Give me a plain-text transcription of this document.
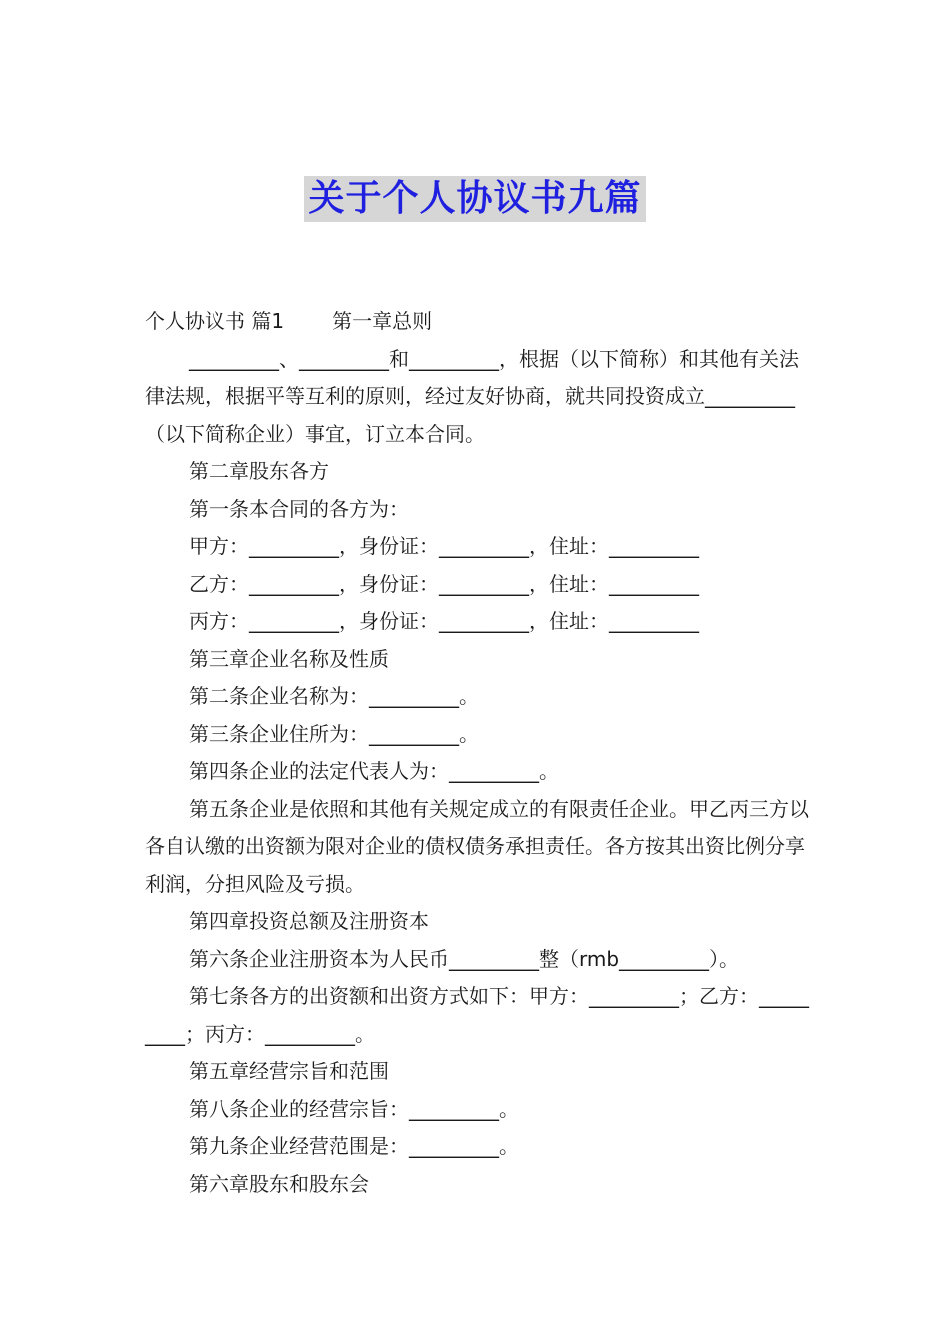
关于个人协议书九篇

个人协议书 篇1 第一章总则

_________、_________和_________，根据（以下简称）和其他有关法律法规，根据平等互利的原则，经过友好协商，就共同投资成立_________（以下简称企业）事宜，订立本合同。

第二章股东各方

第一条本合同的各方为：

甲方：_________，身份证：_________，住址：_________

乙方：_________，身份证：_________，住址：_________

丙方：_________，身份证：_________，住址：_________

第三章企业名称及性质

第二条企业名称为：_________。

第三条企业住所为：_________。

第四条企业的法定代表人为：_________。

第五条企业是依照和其他有关规定成立的有限责任企业。甲乙丙三方以各自认缴的出资额为限对企业的债权债务承担责任。各方按其出资比例分享利润，分担风险及亏损。

第四章投资总额及注册资本

第六条企业注册资本为人民币_________整（rmb_________）。

第七条各方的出资额和出资方式如下：甲方：_________；乙方：_________；丙方：_________。

第五章经营宗旨和范围

第八条企业的经营宗旨：_________。

第九条企业经营范围是：_________。

第六章股东和股东会
